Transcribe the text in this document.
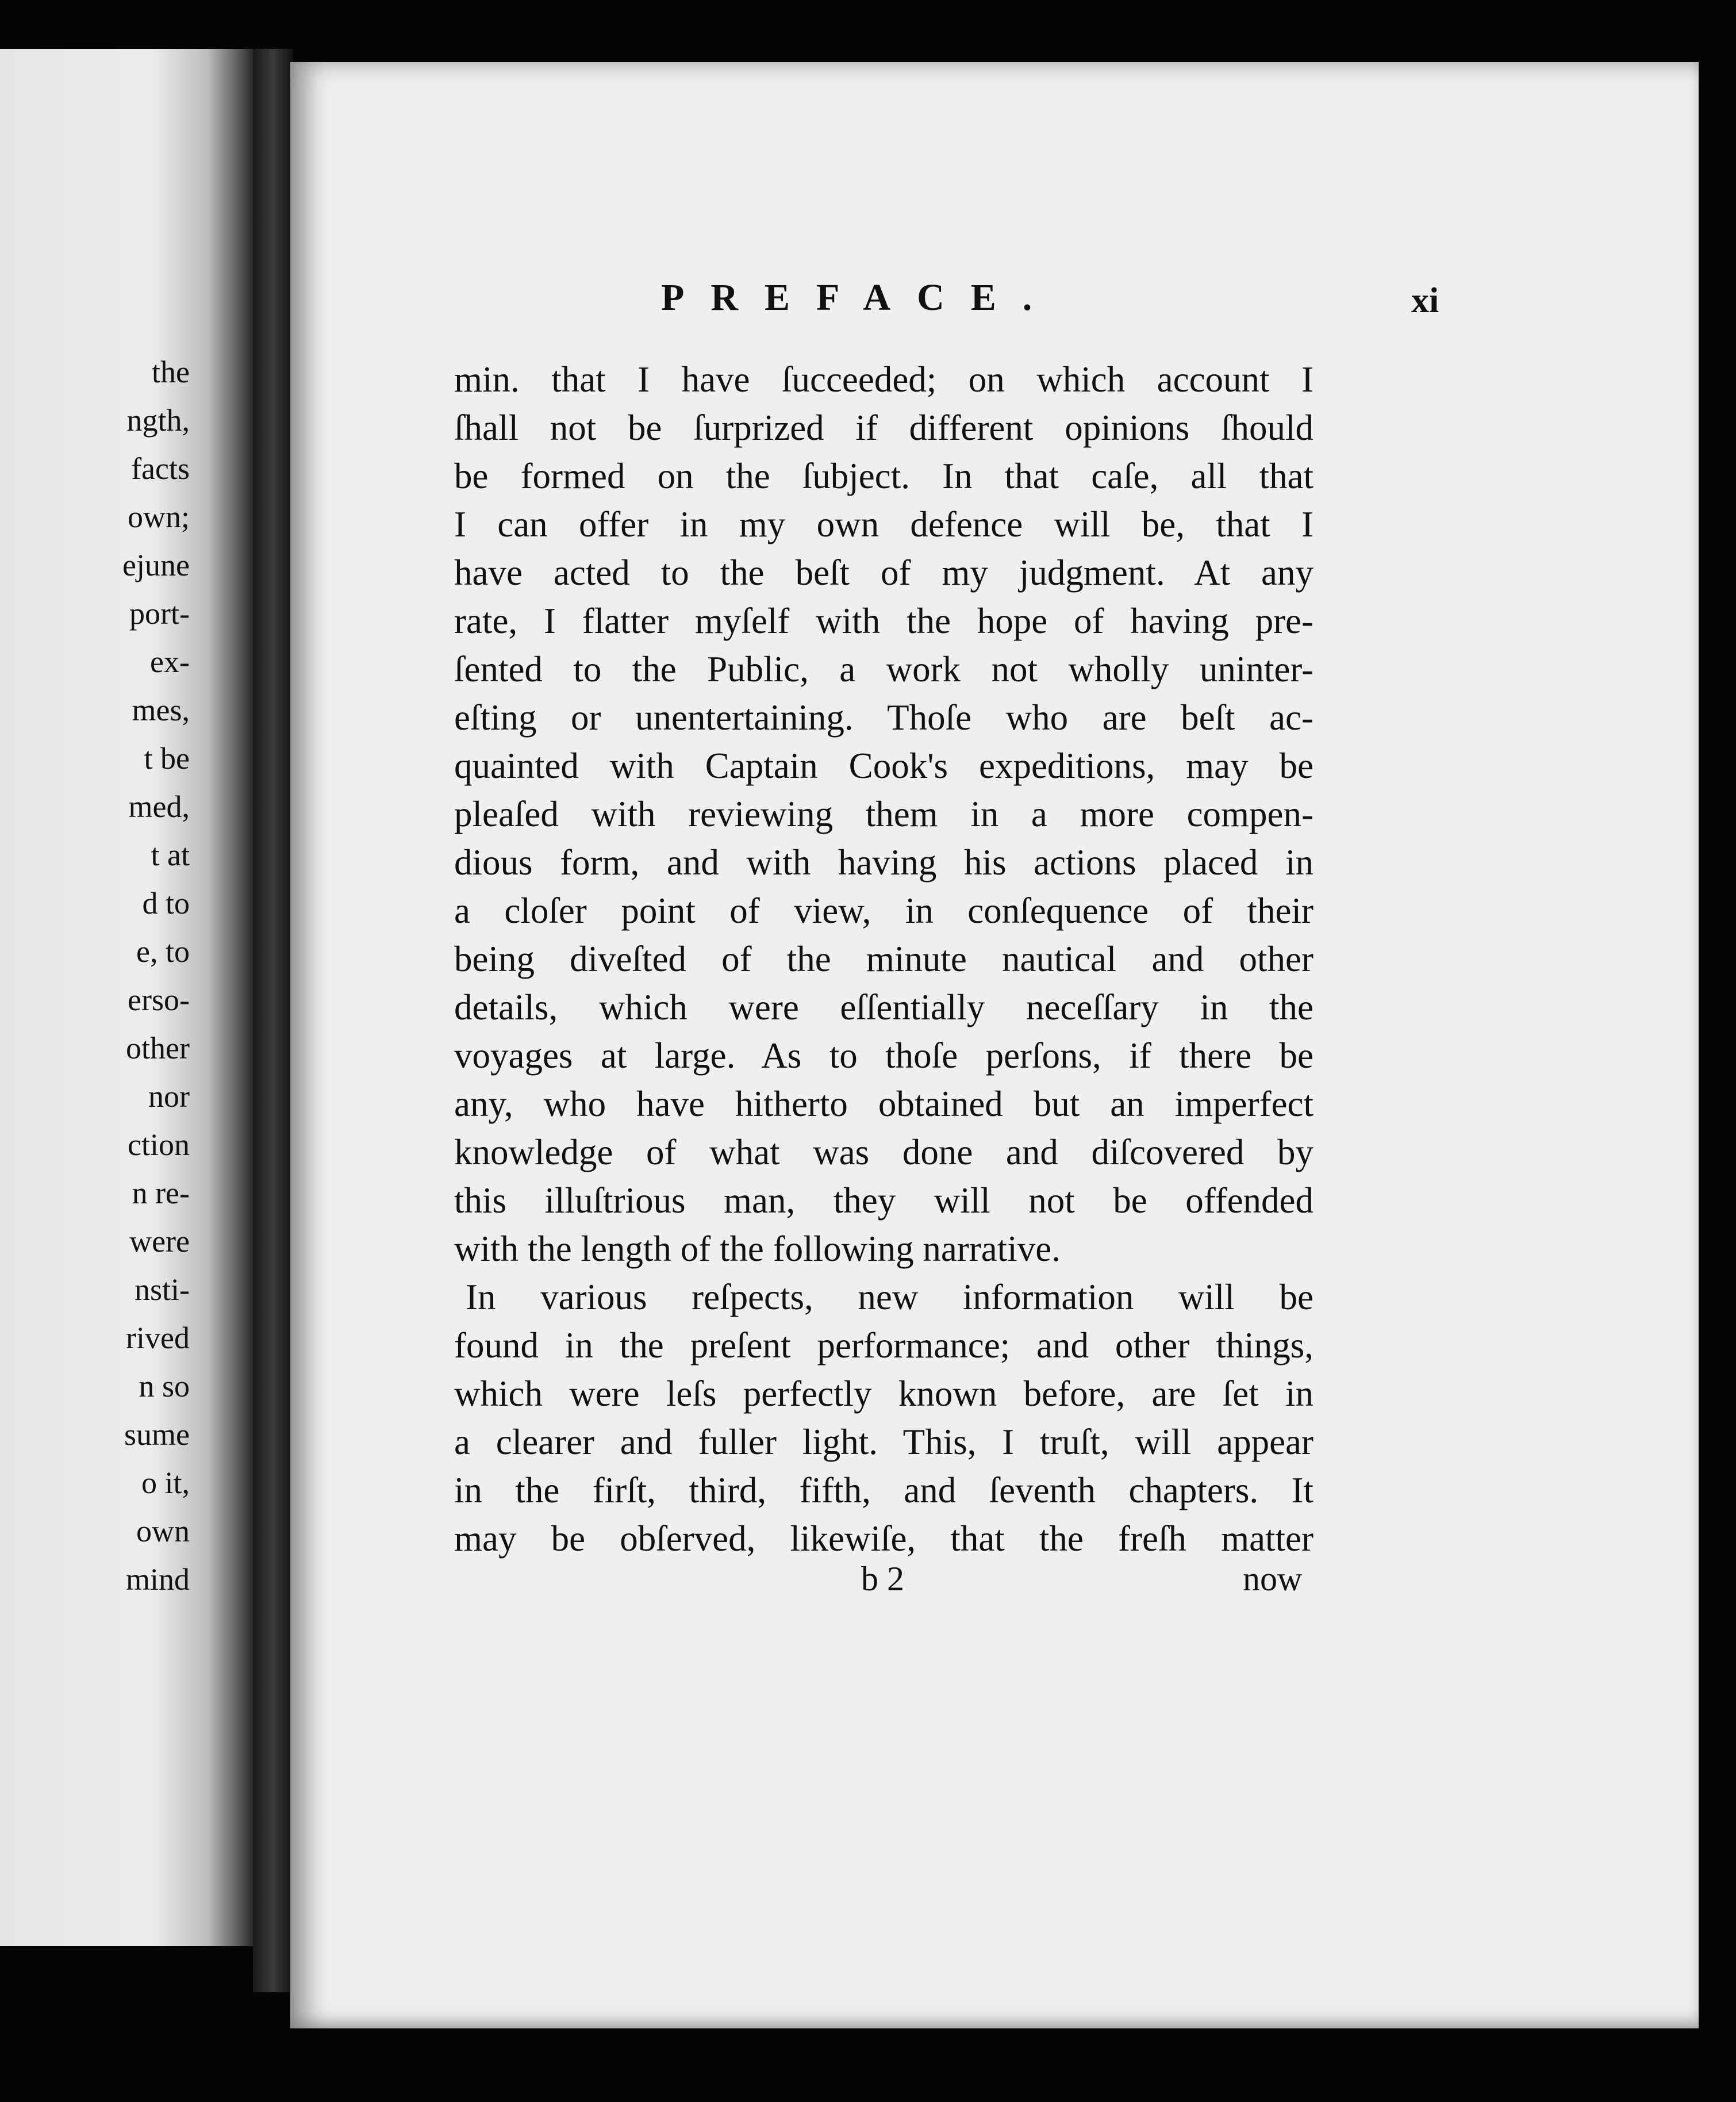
the
ngth,
facts
own;
ejune
port-
ex-
mes,
t be
med,
t at
d to
e, to
erso-
other
nor
ction
n re-
were
nsti-
rived
n so
sume
o it,
own
mind
PREFACE.	xi
min. that I have ſucceeded; on which account I
ſhall not be ſurprized if different opinions ſhould
be formed on the ſubject. In that caſe, all that
I can offer in my own defence will be, that I
have acted to the beſt of my judgment. At any
rate, I flatter myſelf with the hope of having pre-
ſented to the Public, a work not wholly uninter-
eſting or unentertaining. Thoſe who are beſt ac-
quainted with Captain Cook's expeditions, may be
pleaſed with reviewing them in a more compen-
dious form, and with having his actions placed in
a cloſer point of view, in conſequence of their
being diveſted of the minute nautical and other
details, which were eſſentially neceſſary in the
voyages at large. As to thoſe perſons, if there be
any, who have hitherto obtained but an imperfect
knowledge of what was done and diſcovered by
this illuſtrious man, they will not be offended
with the length of the following narrative.
In various reſpects, new information will be
found in the preſent performance; and other things,
which were leſs perfectly known before, are ſet in
a clearer and fuller light. This, I truſt, will appear
in the firſt, third, fifth, and ſeventh chapters. It
may be obſerved, likewiſe, that the freſh matter
b 2	now
